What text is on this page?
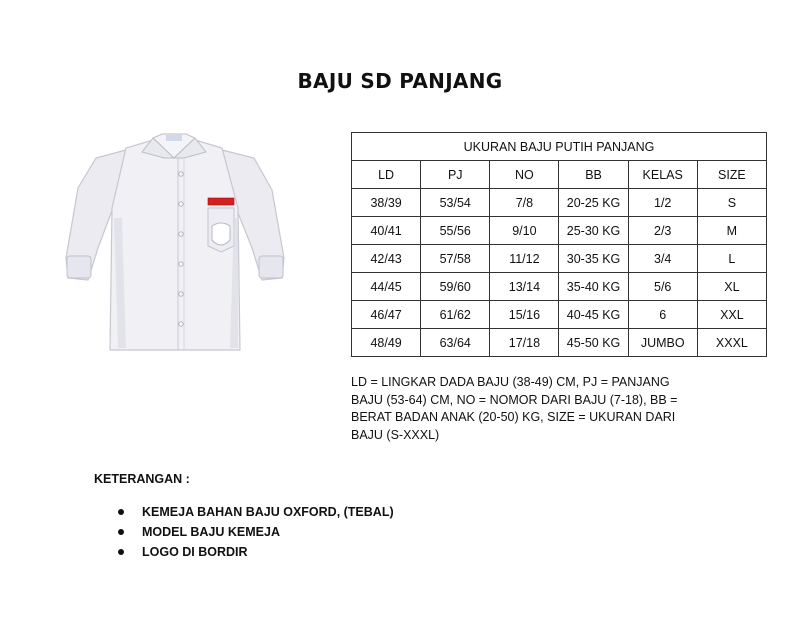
BAJU SD PANJANG
UKURAN BAJU PUTIH PANJANG					
LD	PJ	NO	BB	KELAS	SIZE
38/39	53/54	7/8	20-25 KG	1/2	S
40/41	55/56	9/10	25-30 KG	2/3	M
42/43	57/58	11/12	30-35 KG	3/4	L
44/45	59/60	13/14	35-40 KG	5/6	XL
46/47	61/62	15/16	40-45 KG	6	XXL
48/49	63/64	17/18	45-50 KG	JUMBO	XXXL

LD = LINGKAR DADA BAJU (38-49) CM, PJ = PANJANG BAJU (53-64) CM, NO = NOMOR DARI BAJU (7-18), BB = BERAT BADAN ANAK (20-50) KG, SIZE = UKURAN DARI BAJU (S-XXXL)

KETERANGAN :

KEMEJA BAHAN BAJU OXFORD, (TEBAL)
MODEL BAJU KEMEJA
LOGO DI BORDIR
